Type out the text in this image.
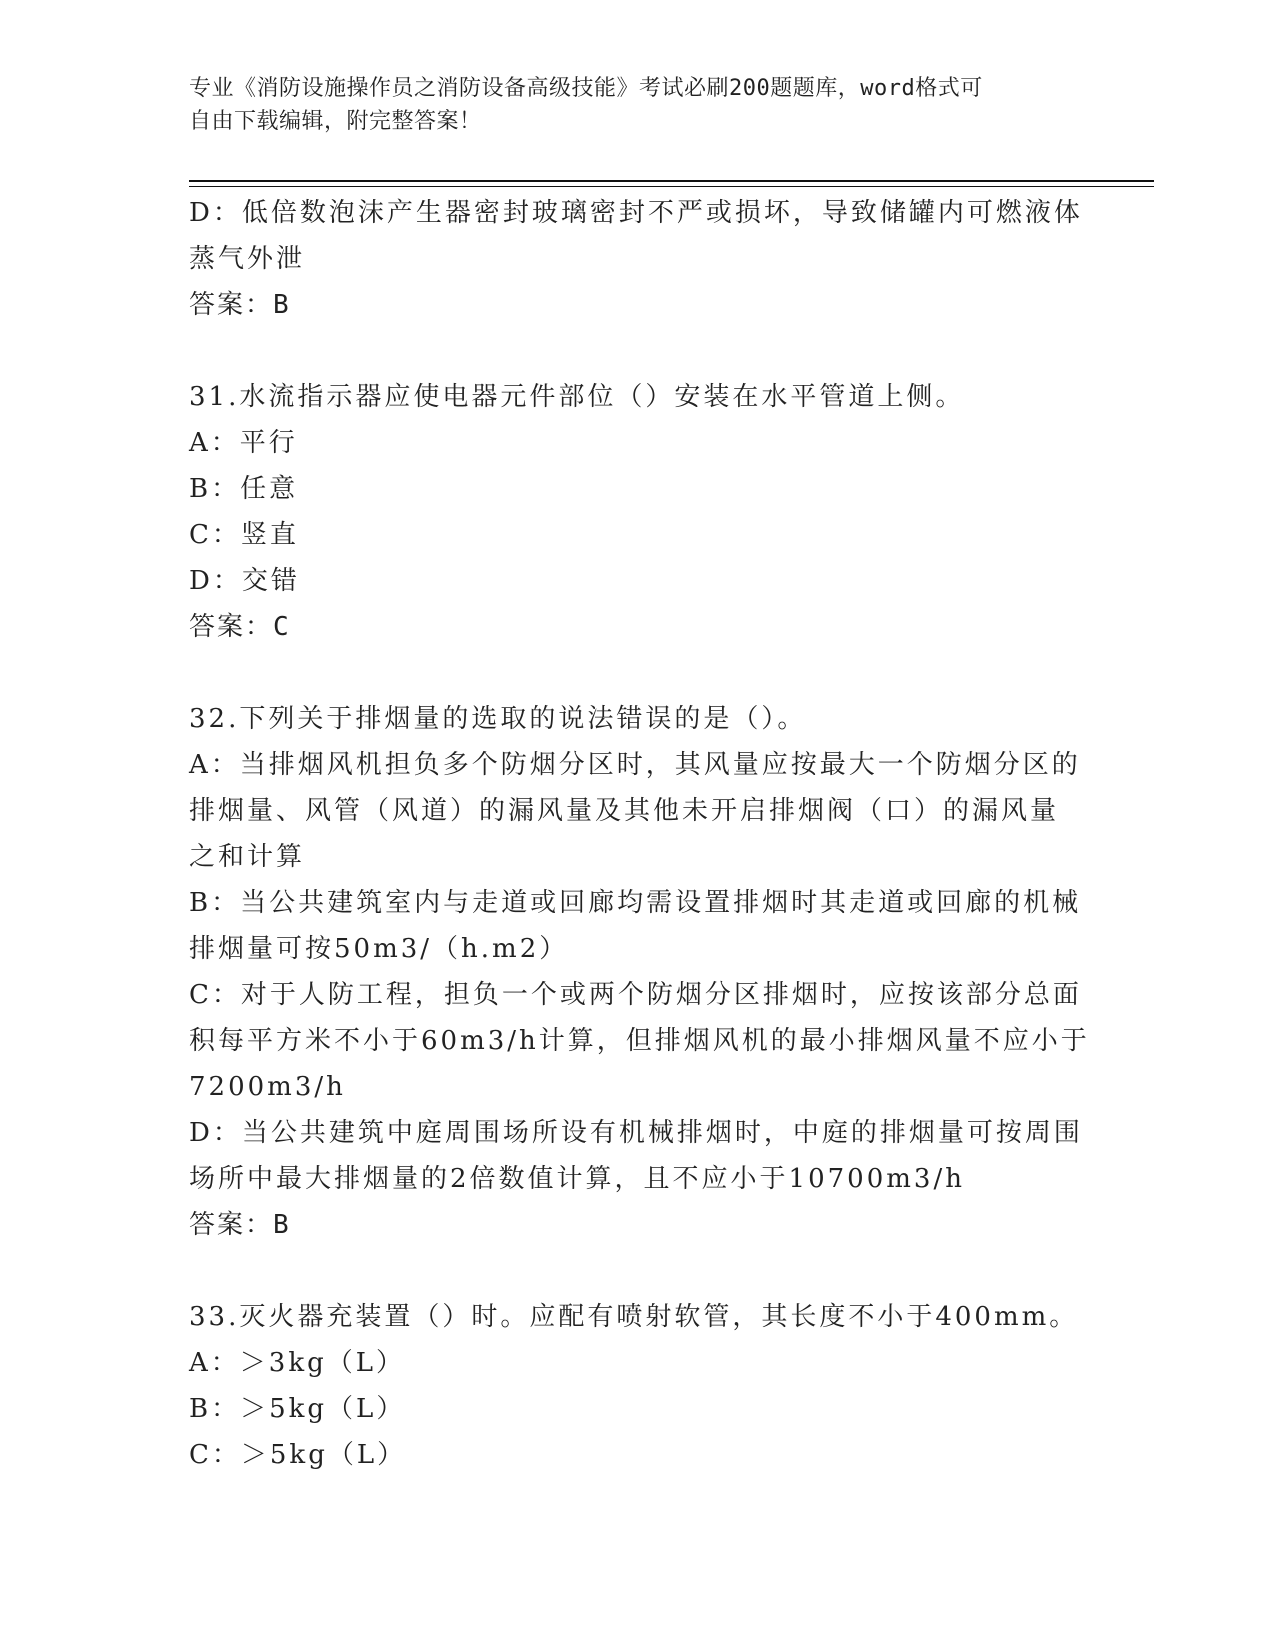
专业《消防设施操作员之消防设备高级技能》考试必刷200题题库，word格式可
自由下载编辑，附完整答案！
D：低倍数泡沫产生器密封玻璃密封不严或损坏，导致储罐内可燃液体
蒸气外泄
答案：B
31.水流指示器应使电器元件部位（）安装在水平管道上侧。
A：平行
B：任意
C：竖直
D：交错
答案：C
32.下列关于排烟量的选取的说法错误的是（）。
A：当排烟风机担负多个防烟分区时，其风量应按最大一个防烟分区的
排烟量、风管（风道）的漏风量及其他未开启排烟阀（口）的漏风量
之和计算
B：当公共建筑室内与走道或回廊均需设置排烟时其走道或回廊的机械
排烟量可按50m3/（h.m2）
C：对于人防工程，担负一个或两个防烟分区排烟时，应按该部分总面
积每平方米不小于60m3/h计算，但排烟风机的最小排烟风量不应小于
7200m3/h
D：当公共建筑中庭周围场所设有机械排烟时，中庭的排烟量可按周围
场所中最大排烟量的2倍数值计算，且不应小于10700m3/h
答案：B
33.灭火器充装置（）时。应配有喷射软管，其长度不小于400mm。
A：＞3kg（L）
B：＞5kg（L）
C：＞5kg（L）
